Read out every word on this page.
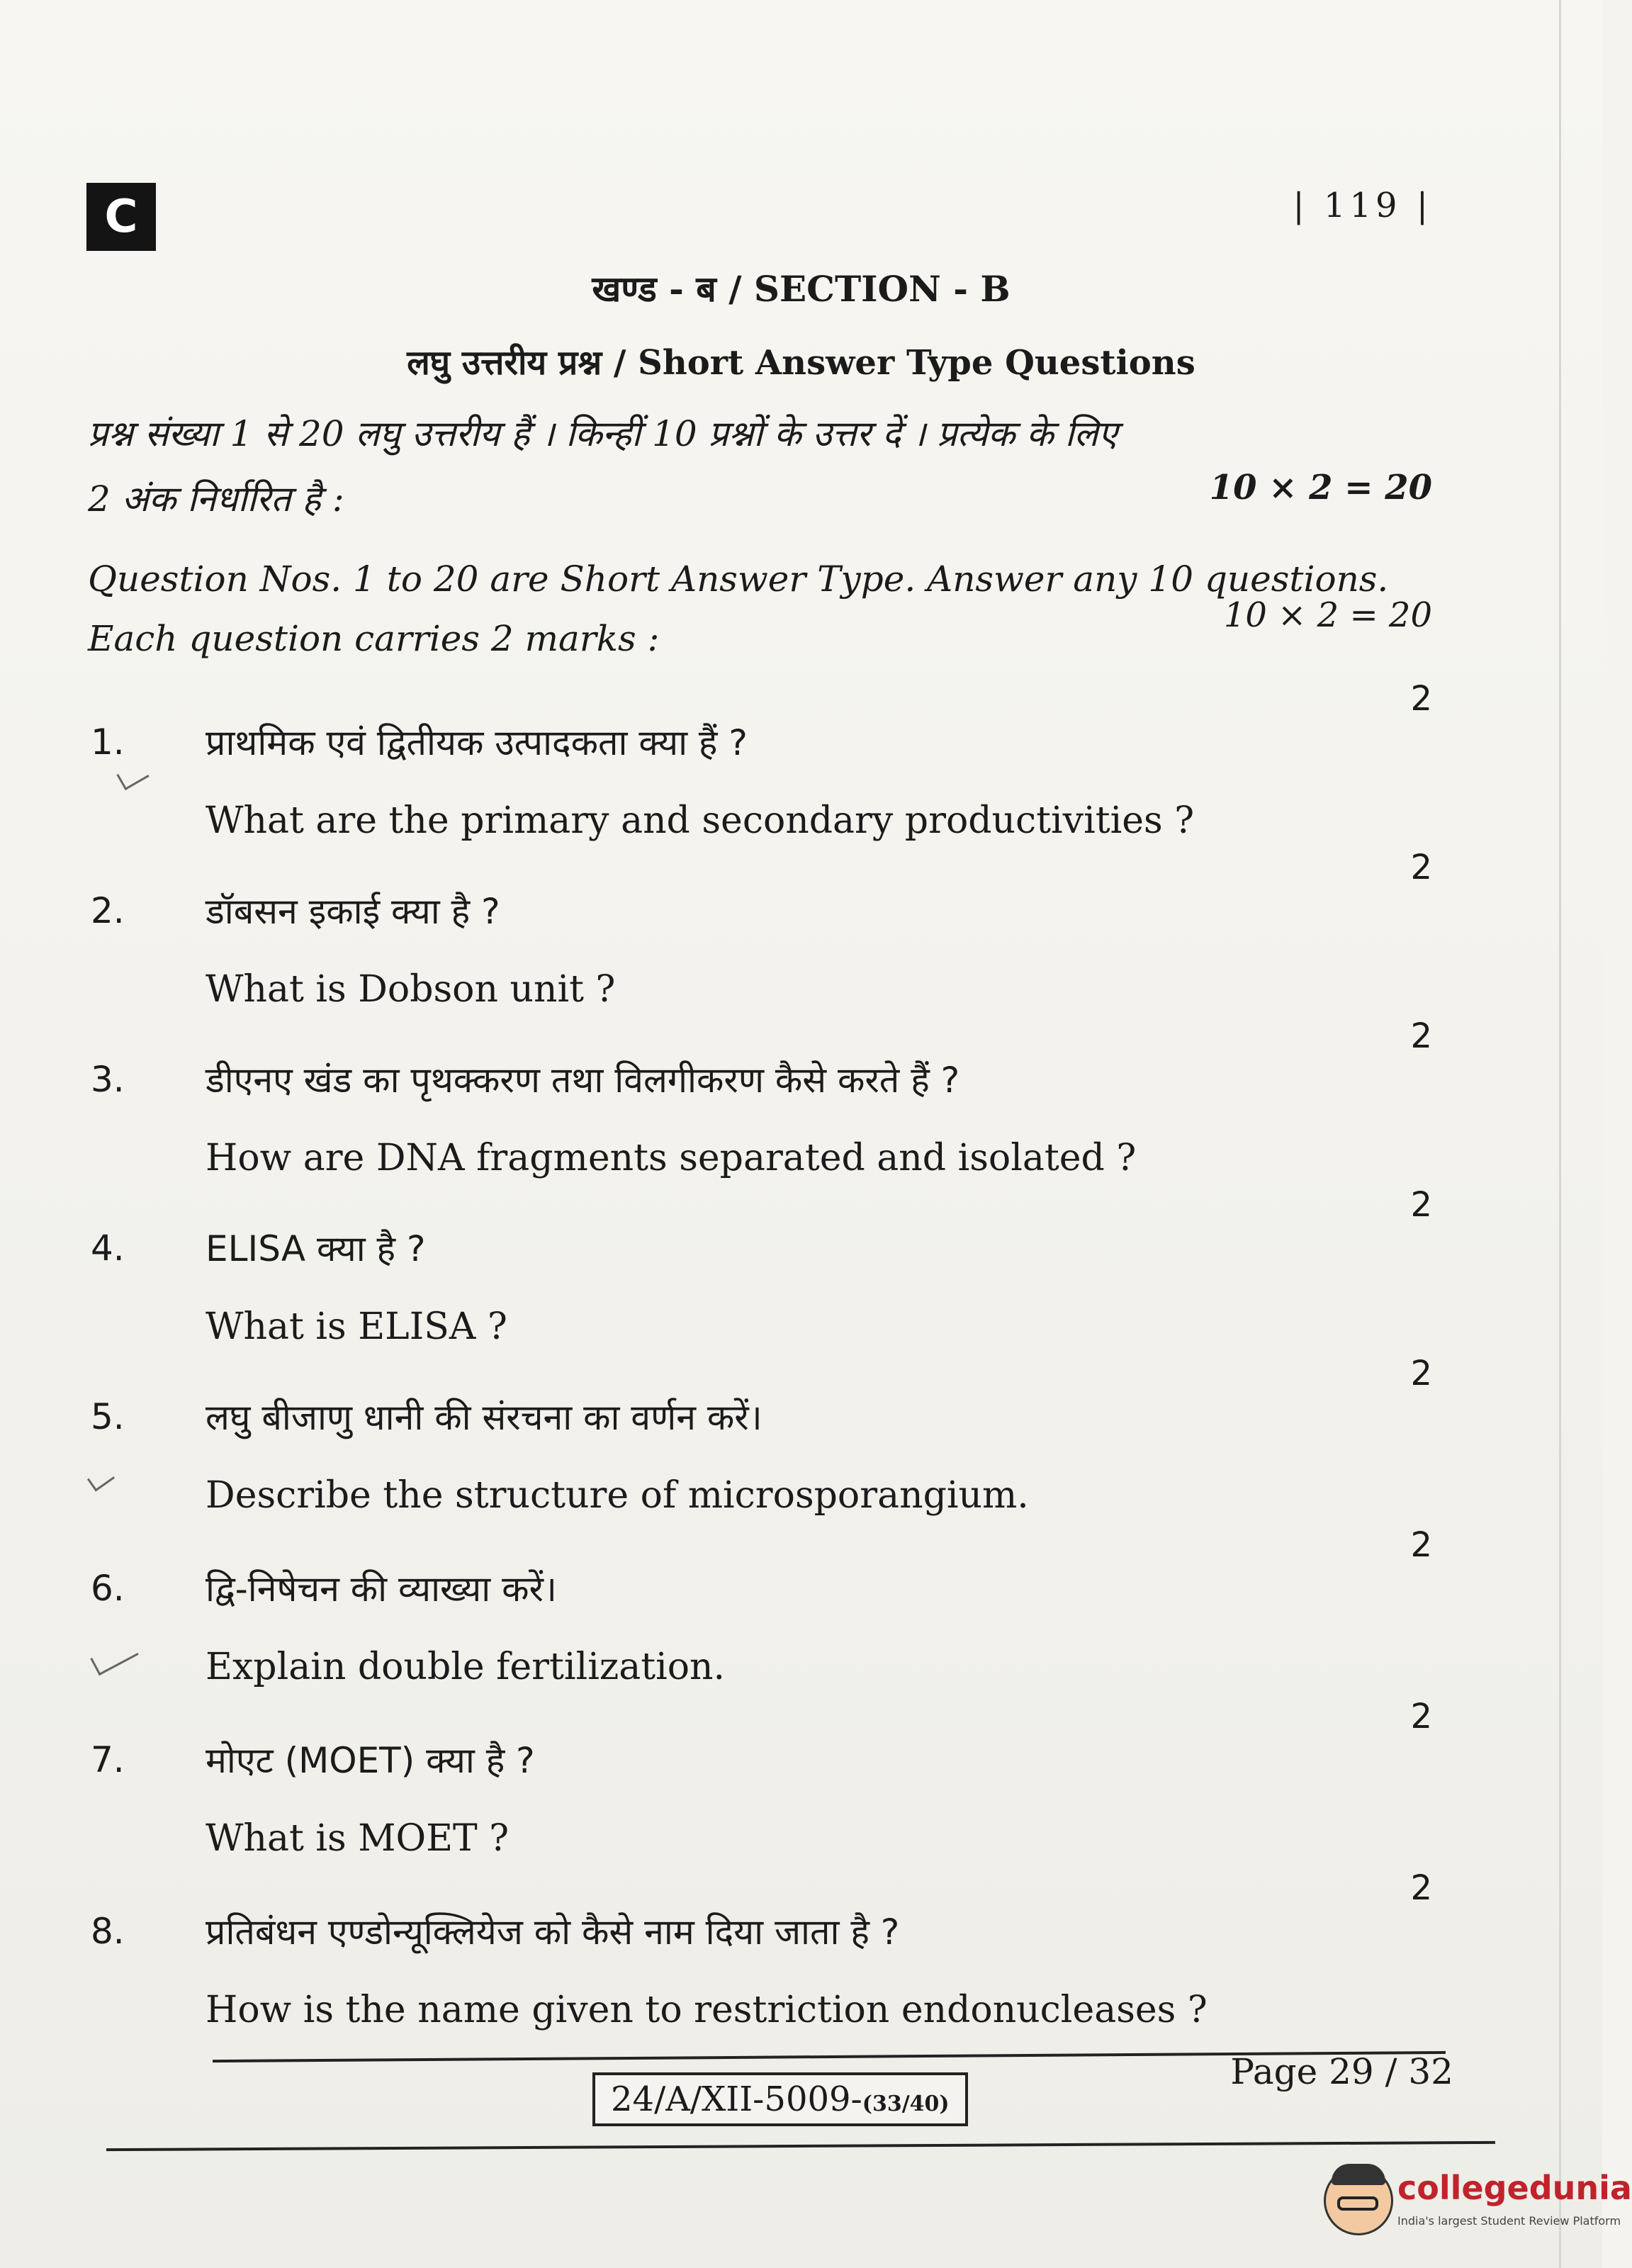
C	| 119 |
खण्ड - ब / SECTION - B
लघु उत्तरीय प्रश्न / Short Answer Type Questions
प्रश्न संख्या 1 से 20 लघु उत्तरीय हैं । किन्हीं 10 प्रश्नों के उत्तर दें । प्रत्येक के लिए
2 अंक निर्धारित है :	10 × 2 = 20
Question Nos. 1 to 20 are Short Answer Type. Answer any 10 questions.
Each question carries 2 marks :
10 × 2 = 20
1. प्राथमिक एवं द्वितीयक उत्पादकता क्या हैं ?
What are the primary and secondary productivities ?
2
2. डॉबसन इकाई क्या है ?
What is Dobson unit ?
2
3. डीएनए खंड का पृथक्करण तथा विलगीकरण कैसे करते हैं ?
How are DNA fragments separated and isolated ?
2
4. ELISA क्या है ?
What is ELISA ?
2
5. लघु बीजाणु धानी की संरचना का वर्णन करें।
Describe the structure of microsporangium.
2
6. द्वि-निषेचन की व्याख्या करें।
Explain double fertilization.
2
7. मोएट (MOET) क्या है ?
What is MOET ?
2
8. प्रतिबंधन एण्डोन्यूक्लियेज को कैसे नाम दिया जाता है ?
How is the name given to restriction endonucleases ?
2
24/A/XII-5009-(33/40)
Page 29 / 32
collegedunia
India's largest Student Review Platform
